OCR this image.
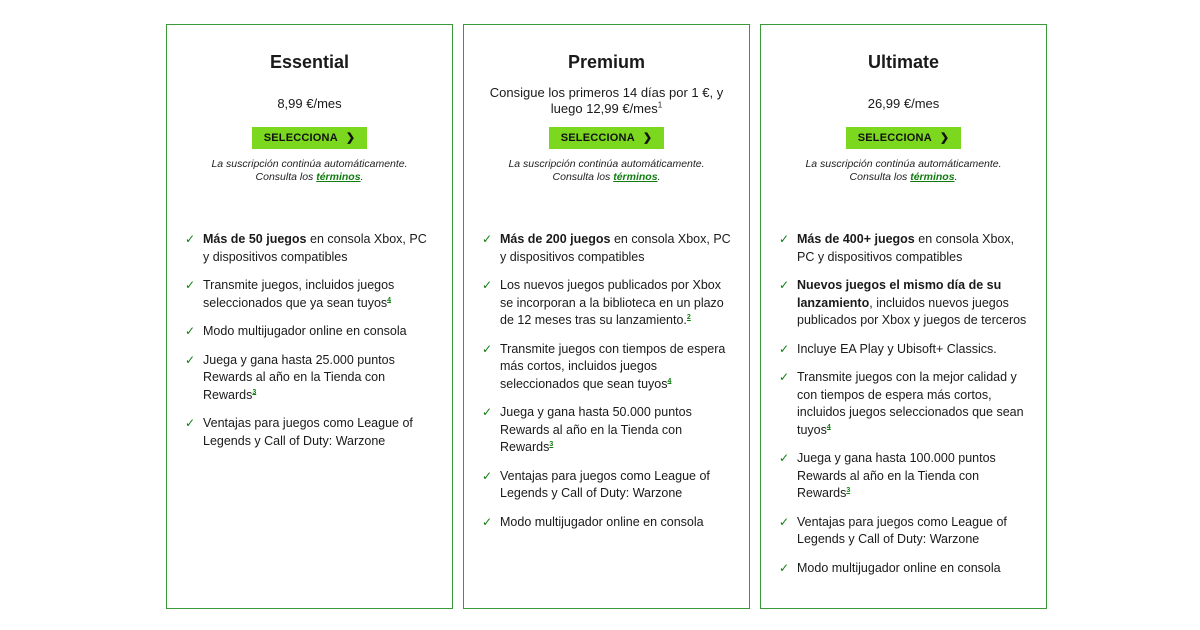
Essential
8,99 €/mes
SELECCIONA ❯
La suscripción continúa automáticamente.
Consulta los términos.
✓ Más de 50 juegos en consola Xbox, PC y dispositivos compatibles
✓ Transmite juegos, incluidos juegos seleccionados que ya sean tuyos$^4$
✓ Modo multijugador online en consola
✓ Juega y gana hasta 25.000 puntos Rewards al año en la Tienda con Rewards$^3$
✓ Ventajas para juegos como League of Legends y Call of Duty: Warzone
Premium
Consigue los primeros 14 días por 1 €, y luego 12,99 €/mes$^1$
SELECCIONA ❯
La suscripción continúa automáticamente.
Consulta los términos.
✓ Más de 200 juegos en consola Xbox, PC y dispositivos compatibles
✓ Los nuevos juegos publicados por Xbox se incorporan a la biblioteca en un plazo de 12 meses tras su lanzamiento.$^2$
✓ Transmite juegos con tiempos de espera más cortos, incluidos juegos seleccionados que sean tuyos$^4$
✓ Juega y gana hasta 50.000 puntos Rewards al año en la Tienda con Rewards$^3$
✓ Ventajas para juegos como League of Legends y Call of Duty: Warzone
✓ Modo multijugador online en consola
Ultimate
26,99 €/mes
SELECCIONA ❯
La suscripción continúa automáticamente.
Consulta los términos.
✓ Más de 400+ juegos en consola Xbox, PC y dispositivos compatibles
✓ Nuevos juegos el mismo día de su lanzamiento, incluidos nuevos juegos publicados por Xbox y juegos de terceros
✓ Incluye EA Play y Ubisoft+ Classics.
✓ Transmite juegos con la mejor calidad y con tiempos de espera más cortos, incluidos juegos seleccionados que sean tuyos$^4$
✓ Juega y gana hasta 100.000 puntos Rewards al año en la Tienda con Rewards$^3$
✓ Ventajas para juegos como League of Legends y Call of Duty: Warzone
✓ Modo multijugador online en consola
